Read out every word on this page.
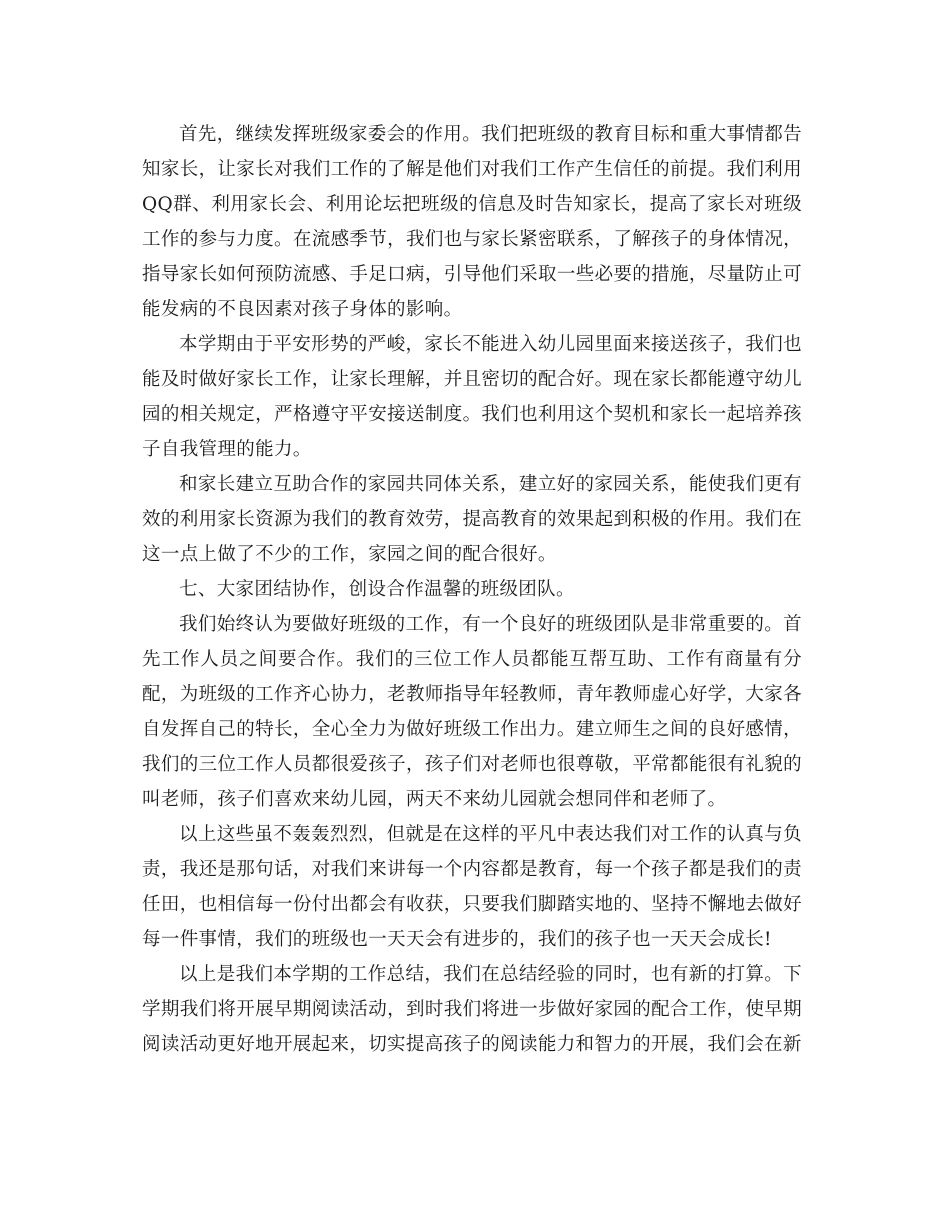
首先，继续发挥班级家委会的作用。我们把班级的教育目标和重大事情都告知家长，让家长对我们工作的了解是他们对我们工作产生信任的前提。我们利用QQ群、利用家长会、利用论坛把班级的信息及时告知家长，提高了家长对班级工作的参与力度。在流感季节，我们也与家长紧密联系，了解孩子的身体情况，指导家长如何预防流感、手足口病，引导他们采取一些必要的措施，尽量防止可能发病的不良因素对孩子身体的影响。

本学期由于平安形势的严峻，家长不能进入幼儿园里面来接送孩子，我们也能及时做好家长工作，让家长理解，并且密切的配合好。现在家长都能遵守幼儿园的相关规定，严格遵守平安接送制度。我们也利用这个契机和家长一起培养孩子自我管理的能力。

和家长建立互助合作的家园共同体关系，建立好的家园关系，能使我们更有效的利用家长资源为我们的教育效劳，提高教育的效果起到积极的作用。我们在这一点上做了不少的工作，家园之间的配合很好。

七、大家团结协作，创设合作温馨的班级团队。

我们始终认为要做好班级的工作，有一个良好的班级团队是非常重要的。首先工作人员之间要合作。我们的三位工作人员都能互帮互助、工作有商量有分配，为班级的工作齐心协力，老教师指导年轻教师，青年教师虚心好学，大家各自发挥自己的特长，全心全力为做好班级工作出力。建立师生之间的良好感情，我们的三位工作人员都很爱孩子，孩子们对老师也很尊敬，平常都能很有礼貌的叫老师，孩子们喜欢来幼儿园，两天不来幼儿园就会想同伴和老师了。

以上这些虽不轰轰烈烈，但就是在这样的平凡中表达我们对工作的认真与负责，我还是那句话，对我们来讲每一个内容都是教育，每一个孩子都是我们的责任田，也相信每一份付出都会有收获，只要我们脚踏实地的、坚持不懈地去做好每一件事情，我们的班级也一天天会有进步的，我们的孩子也一天天会成长!

以上是我们本学期的工作总结，我们在总结经验的同时，也有新的打算。下学期我们将开展早期阅读活动，到时我们将进一步做好家园的配合工作，使早期阅读活动更好地开展起来，切实提高孩子的阅读能力和智力的开展，我们会在新
